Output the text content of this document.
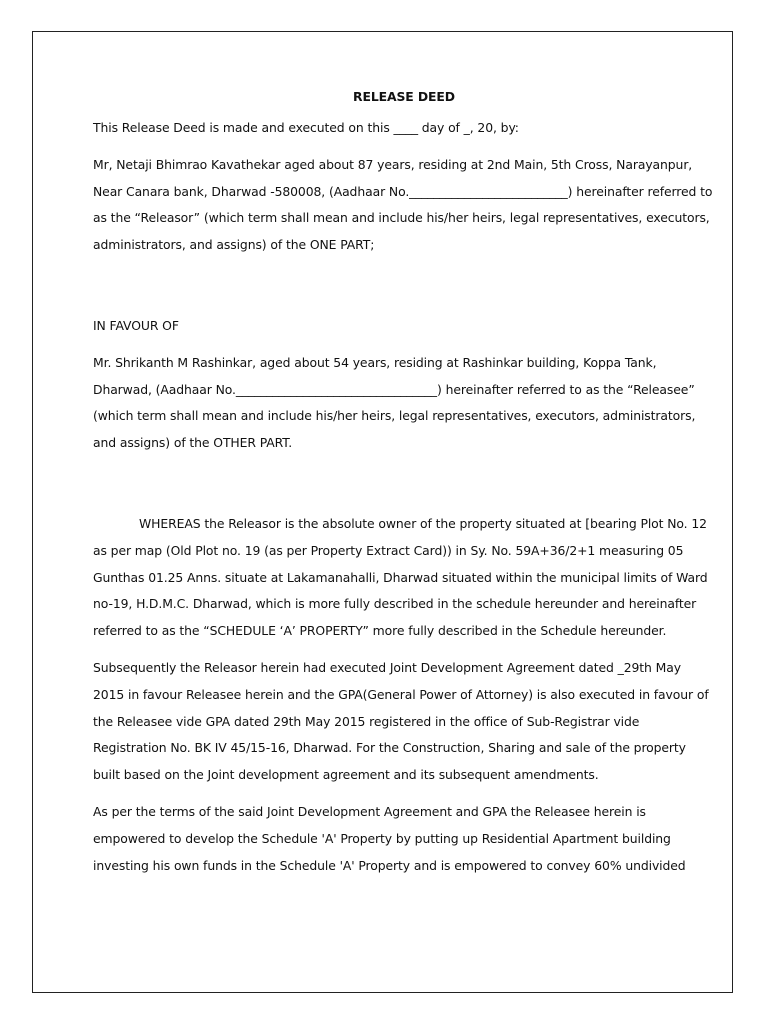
RELEASE DEED

This Release Deed is made and executed on this ____ day of _, 20, by:

Mr, Netaji Bhimrao Kavathekar aged about 87 years, residing at 2nd Main, 5th Cross, Narayanpur, Near Canara bank, Dharwad -580008, (Aadhaar No.__________________________) hereinafter referred to as the “Releasor” (which term shall mean and include his/her heirs, legal representatives, executors, administrators, and assigns) of the ONE PART;

IN FAVOUR OF

Mr. Shrikanth M Rashinkar, aged about 54 years, residing at Rashinkar building, Koppa Tank, Dharwad, (Aadhaar No._________________________________) hereinafter referred to as the “Releasee” (which term shall mean and include his/her heirs, legal representatives, executors, administrators, and assigns) of the OTHER PART.

WHEREAS the Releasor is the absolute owner of the property situated at [bearing Plot No. 12 as per map (Old Plot no. 19 (as per Property Extract Card)) in Sy. No. 59A+36/2+1 measuring 05 Gunthas 01.25 Anns. situate at Lakamanahalli, Dharwad situated within the municipal limits of Ward no-19, H.D.M.C. Dharwad, which is more fully described in the schedule hereunder and hereinafter referred to as the “SCHEDULE ‘A’ PROPERTY” more fully described in the Schedule hereunder.

Subsequently the Releasor herein had executed Joint Development Agreement dated _29th May 2015 in favour Releasee herein and the GPA(General Power of Attorney) is also executed in favour of the Releasee vide GPA dated 29th May 2015 registered in the office of Sub-Registrar vide Registration No. BK IV 45/15-16, Dharwad. For the Construction, Sharing and sale of the property built based on the Joint development agreement and its subsequent amendments.

As per the terms of the said Joint Development Agreement and GPA the Releasee herein is empowered to develop the Schedule 'A' Property by putting up Residential Apartment building investing his own funds in the Schedule 'A' Property and is empowered to convey 60% undivided
